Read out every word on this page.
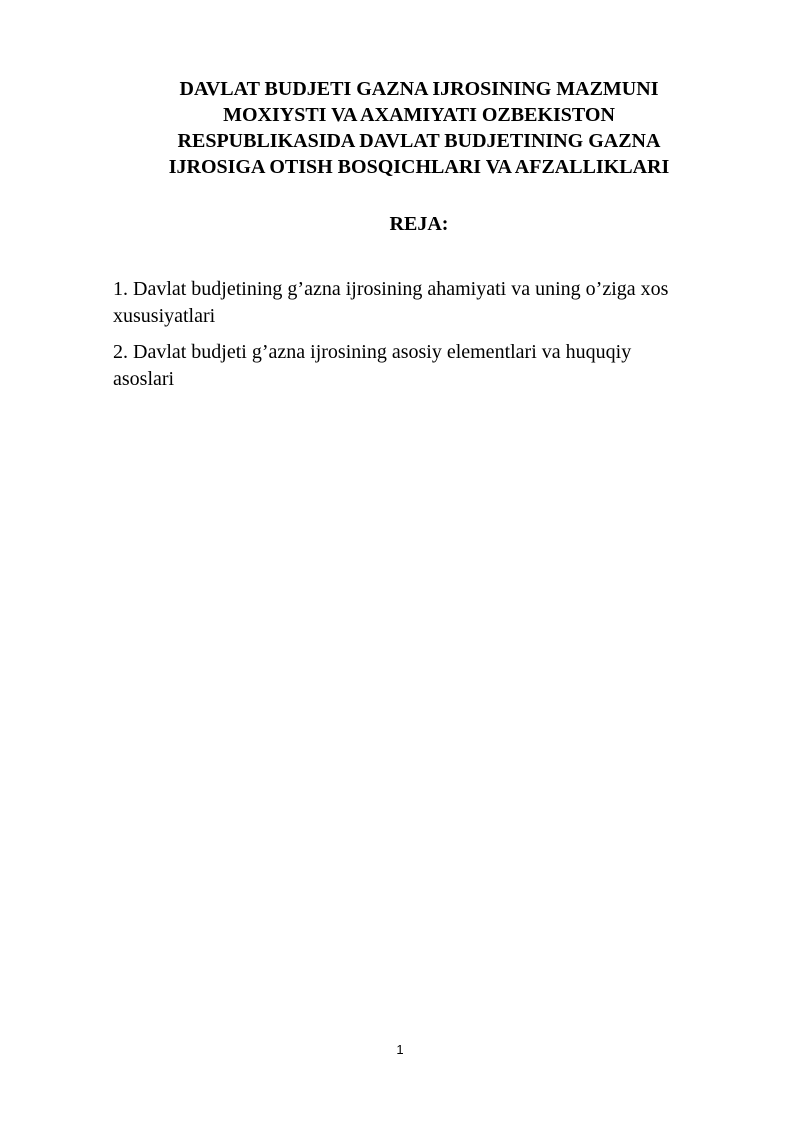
DAVLAT BUDJETI GAZNA IJROSINING MAZMUNI
MOXIYSTI VA AXAMIYATI OZBEKISTON
RESPUBLIKASIDA DAVLAT BUDJETINING GAZNA
IJROSIGA OTISH BOSQICHLARI VA AFZALLIKLARI
REJA:
1. Davlat budjetining g’azna ijrosining ahamiyati va uning o’ziga xos
xususiyatlari
2. Davlat budjeti g’azna ijrosining asosiy elementlari va huquqiy
asoslari
1
